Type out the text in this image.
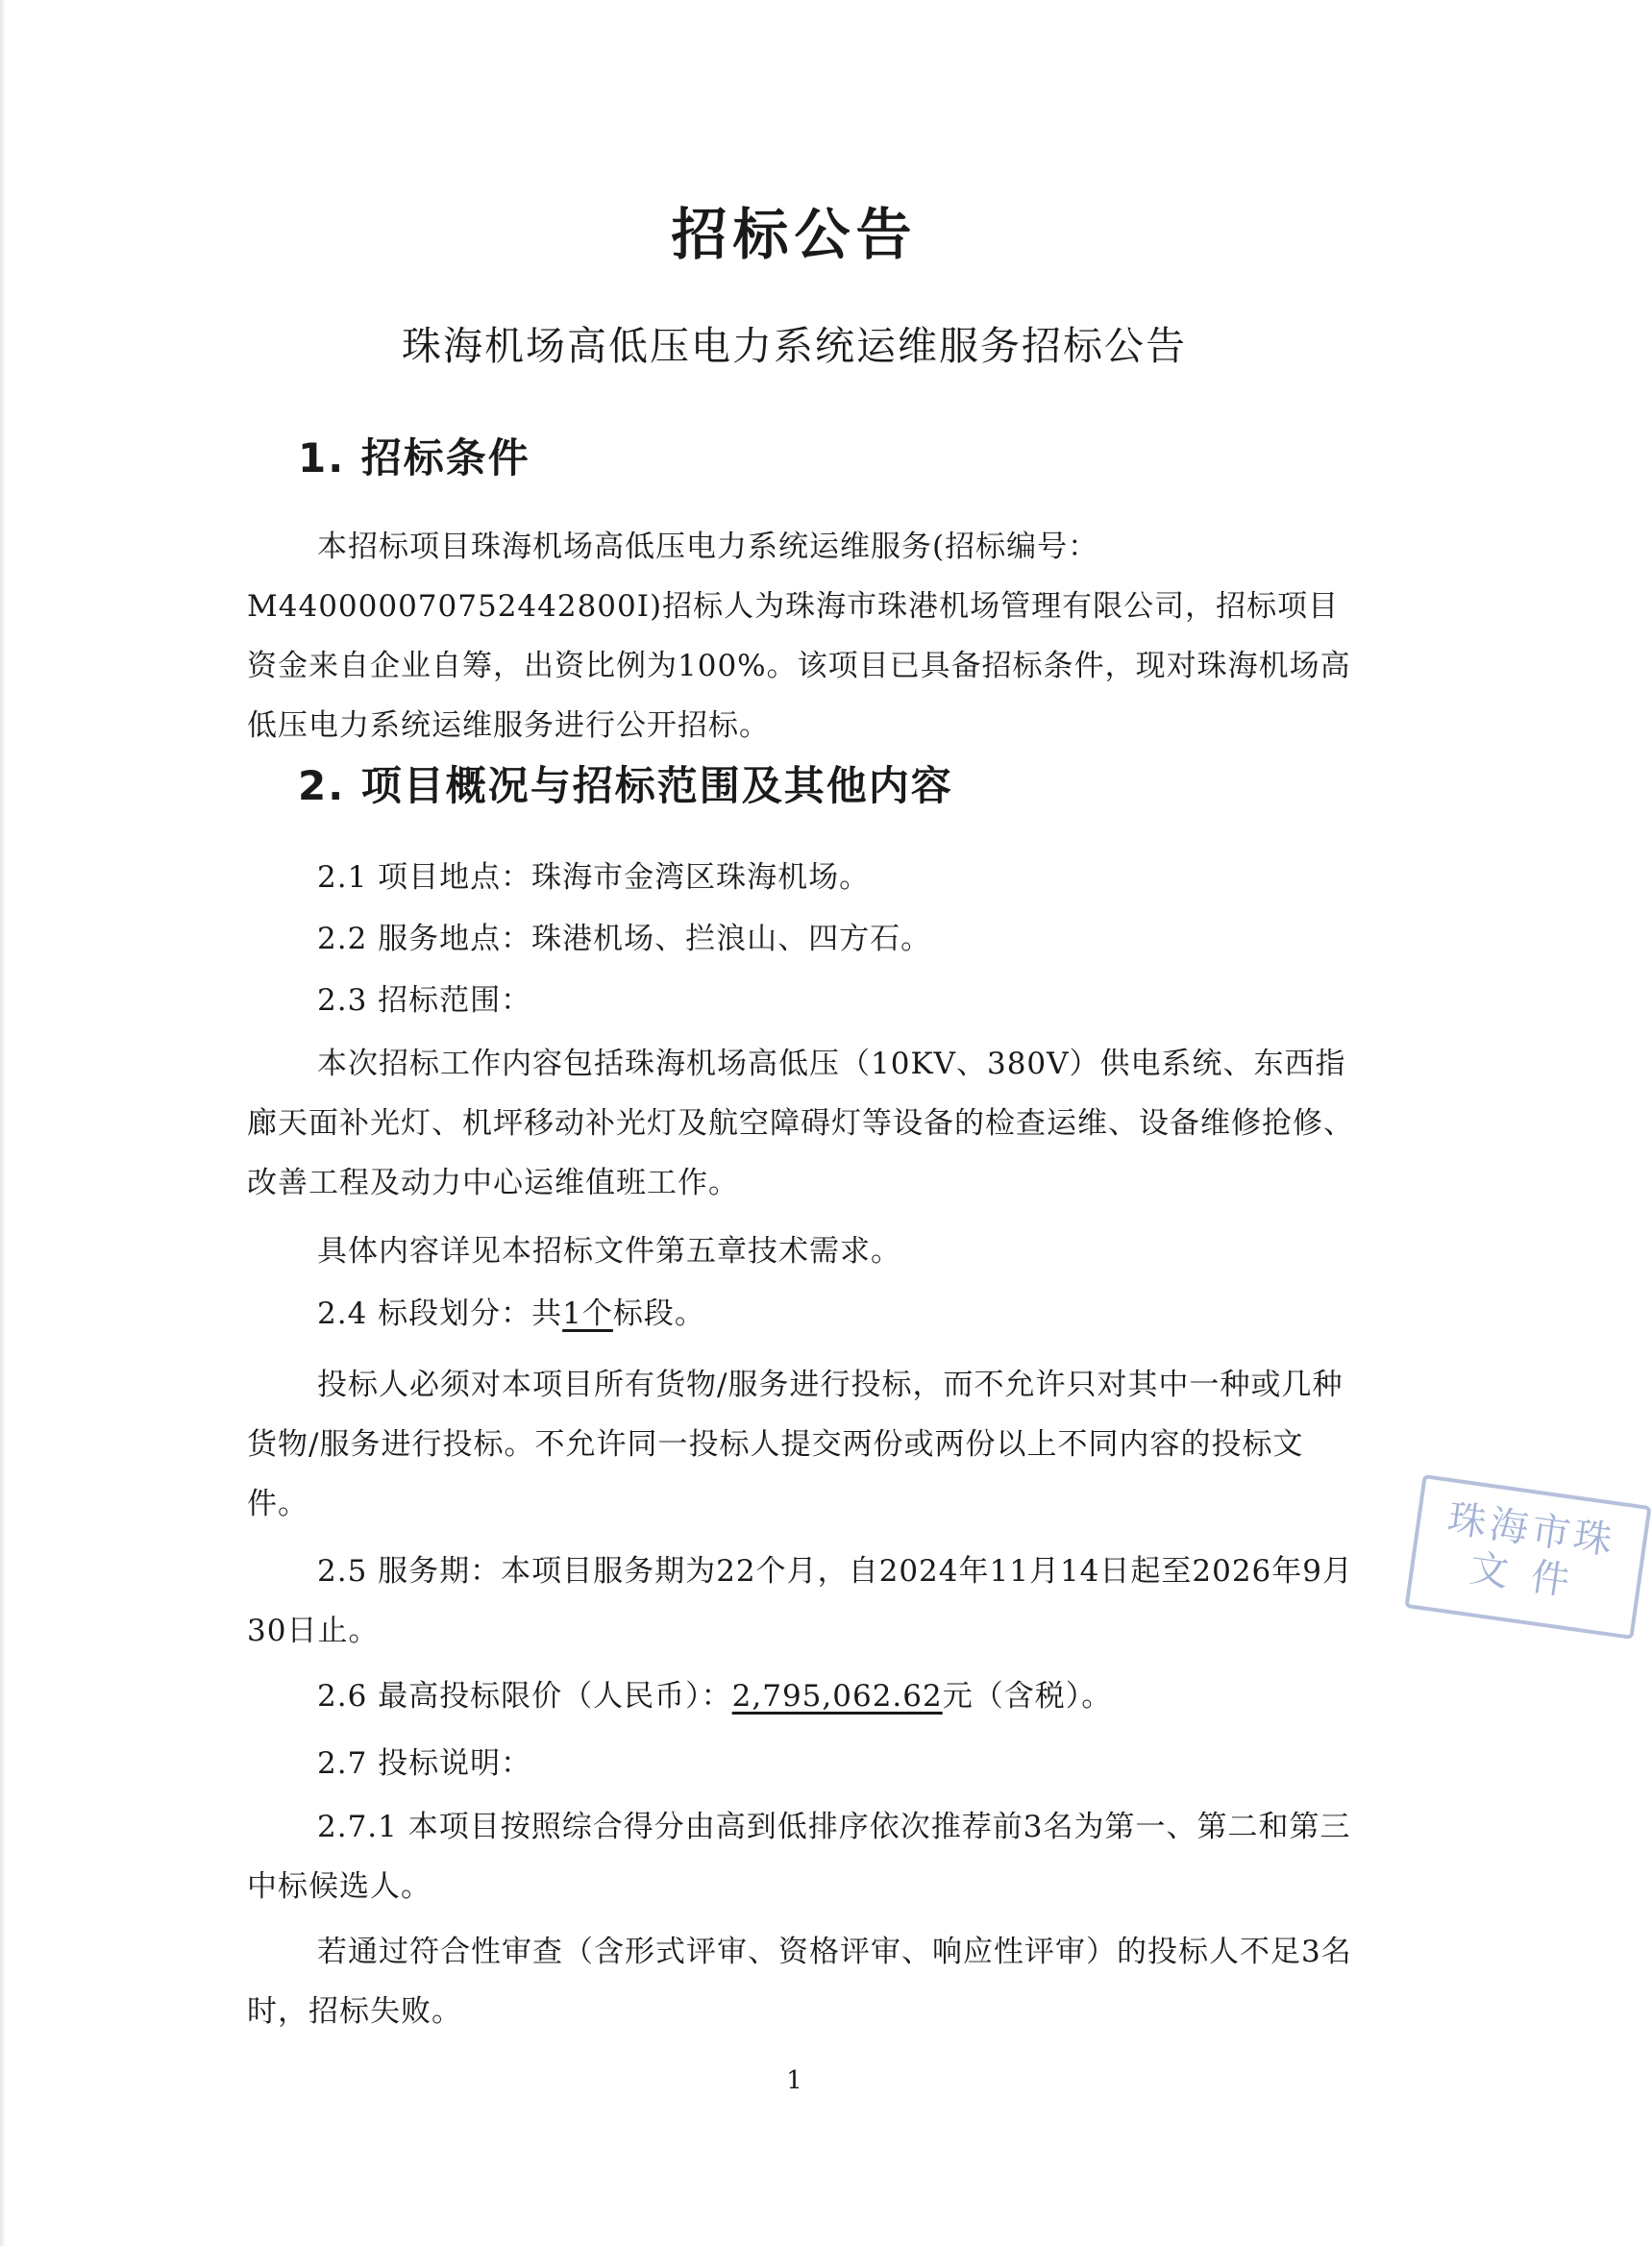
招标公告
珠海机场高低压电力系统运维服务招标公告
1. 招标条件

本招标项目珠海机场高低压电力系统运维服务(招标编号：M440000070752442800I)招标人为珠海市珠港机场管理有限公司，招标项目资金来自企业自筹，出资比例为100%。该项目已具备招标条件，现对珠海机场高低压电力系统运维服务进行公开招标。

2. 项目概况与招标范围及其他内容

2.1 项目地点：珠海市金湾区珠海机场。

2.2 服务地点：珠港机场、拦浪山、四方石。

2.3 招标范围：

本次招标工作内容包括珠海机场高低压（10KV、380V）供电系统、东西指廊天面补光灯、机坪移动补光灯及航空障碍灯等设备的检查运维、设备维修抢修、改善工程及动力中心运维值班工作。

具体内容详见本招标文件第五章技术需求。

2.4 标段划分：共1个标段。

投标人必须对本项目所有货物/服务进行投标，而不允许只对其中一种或几种货物/服务进行投标。不允许同一投标人提交两份或两份以上不同内容的投标文件。

2.5 服务期：本项目服务期为22个月，自2024年11月14日起至2026年9月30日止。

2.6 最高投标限价（人民币）：2,795,062.62元（含税）。

2.7 投标说明：

2.7.1 本项目按照综合得分由高到低排序依次推荐前3名为第一、第二和第三中标候选人。

若通过符合性审查（含形式评审、资格评审、响应性评审）的投标人不足3名时，招标失败。

1
珠海市珠
文件
